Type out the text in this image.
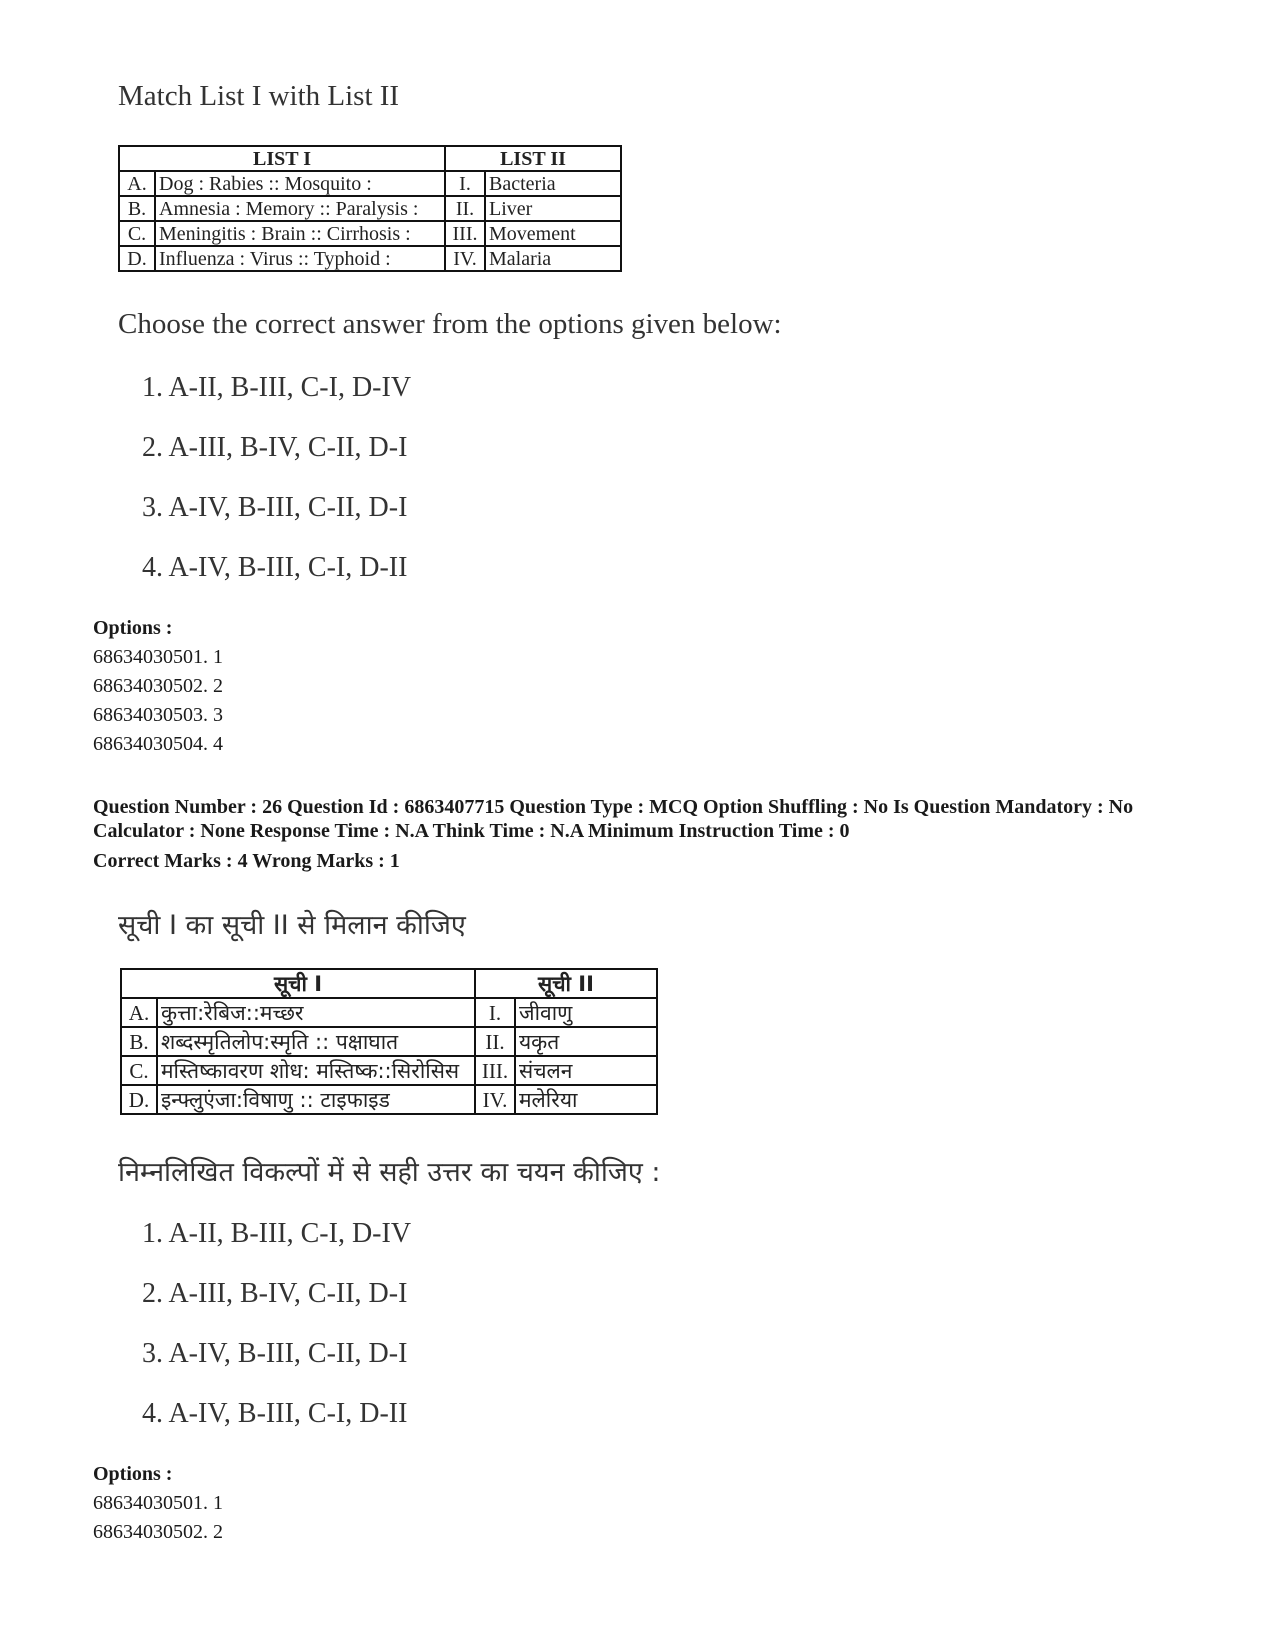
Match List I with List II
LIST I		LIST II	
A.	Dog : Rabies :: Mosquito :	I.	Bacteria
B.	Amnesia : Memory :: Paralysis :	II.	Liver
C.	Meningitis : Brain :: Cirrhosis :	III.	Movement
D.	Influenza : Virus :: Typhoid :	IV.	Malaria
Choose the correct answer from the options given below:
1. A-II, B-III, C-I, D-IV
2. A-III, B-IV, C-II, D-I
3. A-IV, B-III, C-II, D-I
4. A-IV, B-III, C-I, D-II
Options :
68634030501. 1
68634030502. 2
68634030503. 3
68634030504. 4
Question Number : 26 Question Id : 6863407715 Question Type : MCQ Option Shuffling : No Is Question Mandatory : No Calculator : None Response Time : N.A Think Time : N.A Minimum Instruction Time : 0
Correct Marks : 4 Wrong Marks : 1
सूची I का सूची II से मिलान कीजिए
सूची I		सूची II	
A.	कुत्ता:रेबिज::मच्छर	I.	जीवाणु
B.	शब्दस्मृतिलोप:स्मृति :: पक्षाघात	II.	यकृत
C.	मस्तिष्कावरण शोध: मस्तिष्क::सिरोसिस	III.	संचलन
D.	इन्फ्लुएंजा:विषाणु :: टाइफाइड	IV.	मलेरिया
निम्नलिखित विकल्पों में से सही उत्तर का चयन कीजिए :
1. A-II, B-III, C-I, D-IV
2. A-III, B-IV, C-II, D-I
3. A-IV, B-III, C-II, D-I
4. A-IV, B-III, C-I, D-II
Options :
68634030501. 1
68634030502. 2
